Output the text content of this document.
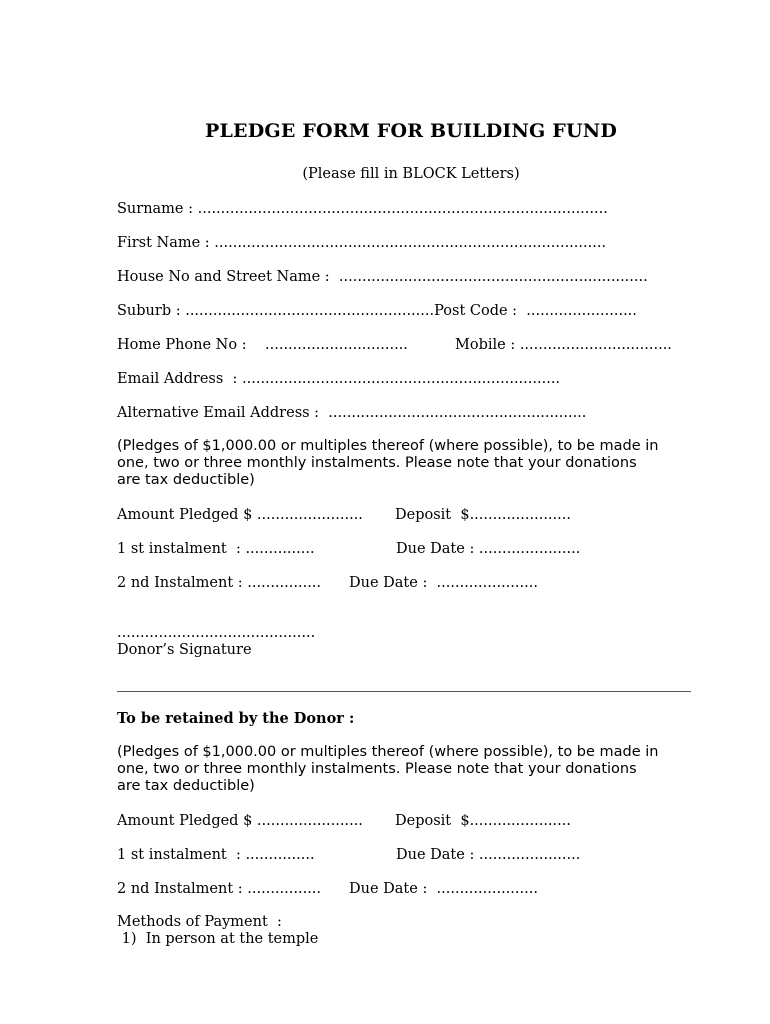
PLEDGE FORM FOR BUILDING FUND
(Please fill in BLOCK Letters)
Surname : .........................................................................................
First Name : .....................................................................................
House No and Street Name :  ...................................................................
Suburb : ......................................................Post Code :  ........................
Home Phone No :    ...............................	Mobile : .................................
Email Address  : .....................................................................
Alternative Email Address :  ........................................................
(Pledges of $1,000.00 or multiples thereof (where possible), to be made in
one, two or three monthly instalments. Please note that your donations
are tax deductible)
Amount Pledged $ ....................... Deposit  $......................
1 st instalment  : ...............	Due Date : ......................
2 nd Instalment : ................ Due Date :  ......................
...........................................
Donor’s Signature
To be retained by the Donor :
(Pledges of $1,000.00 or multiples thereof (where possible), to be made in
one, two or three monthly instalments. Please note that your donations
are tax deductible)
Amount Pledged $ ....................... Deposit  $......................
1 st instalment  : ...............	Due Date : ......................
2 nd Instalment : ................ Due Date :  ......................
Methods of Payment  :
1)  In person at the temple
